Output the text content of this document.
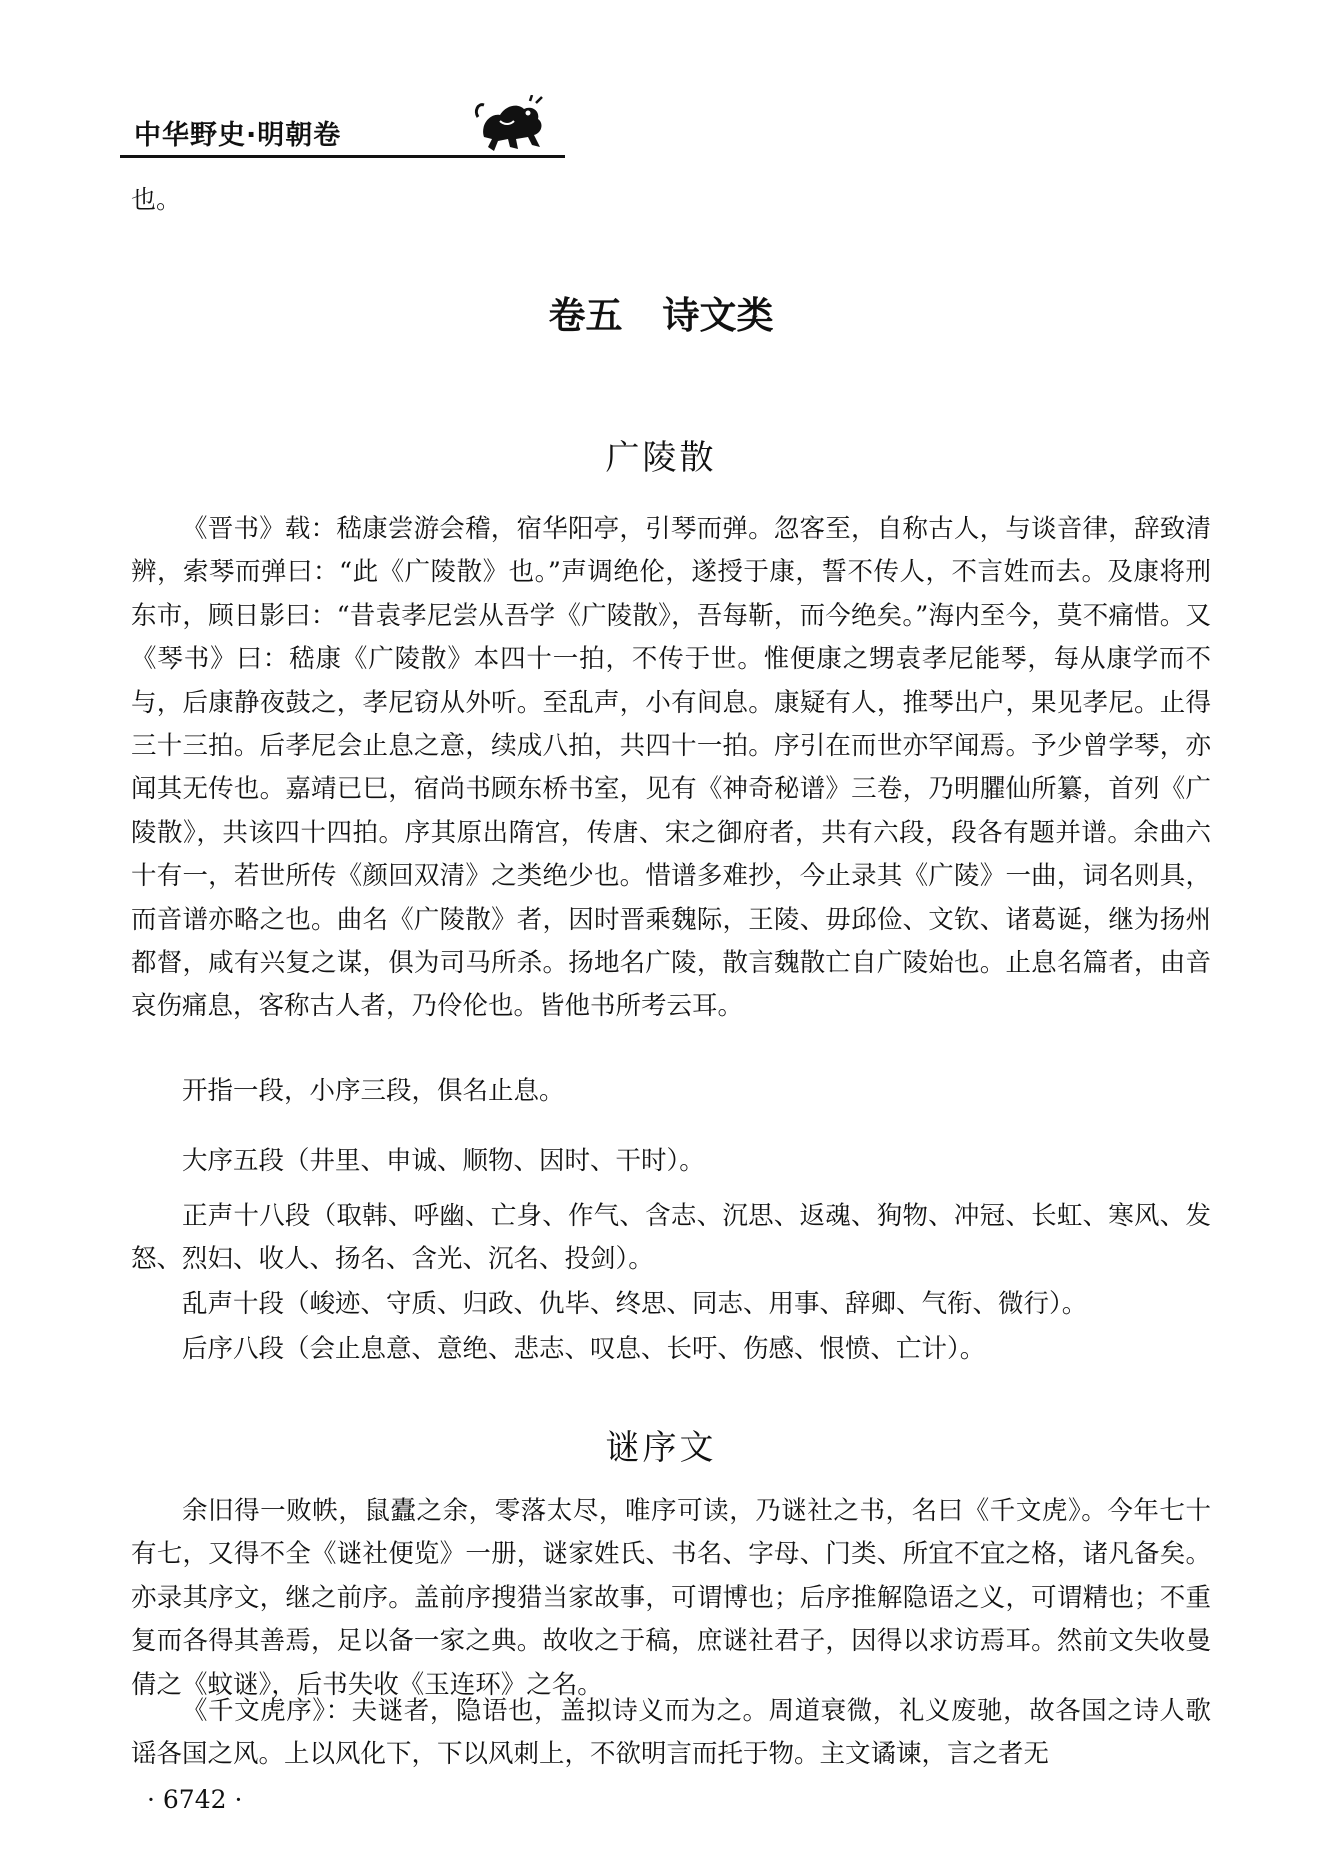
中华野史·明朝卷
也。
卷五 诗文类
广陵散

《晋书》载：嵇康尝游会稽，宿华阳亭，引琴而弹。忽客至，自称古人，与谈音律，辞致清辨，索琴而弹曰：“此《广陵散》也。”声调绝伦，遂授于康，誓不传人，不言姓而去。及康将刑东市，顾日影曰：“昔袁孝尼尝从吾学《广陵散》，吾每靳，而今绝矣。”海内至今，莫不痛惜。又《琴书》曰：嵇康《广陵散》本四十一拍，不传于世。惟便康之甥袁孝尼能琴，每从康学而不与，后康静夜鼓之，孝尼窃从外听。至乱声，小有间息。康疑有人，推琴出户，果见孝尼。止得三十三拍。后孝尼会止息之意，续成八拍，共四十一拍。序引在而世亦罕闻焉。予少曾学琴，亦闻其无传也。嘉靖已巳，宿尚书顾东桥书室，见有《神奇秘谱》三卷，乃明臞仙所纂，首列《广陵散》，共该四十四拍。序其原出隋宫，传唐、宋之御府者，共有六段，段各有题并谱。余曲六十有一，若世所传《颜回双清》之类绝少也。惜谱多难抄，今止录其《广陵》一曲，词名则具，而音谱亦略之也。曲名《广陵散》者，因时晋乘魏际，王陵、毋邱俭、文钦、诸葛诞，继为扬州都督，咸有兴复之谋，俱为司马所杀。扬地名广陵，散言魏散亡自广陵始也。止息名篇者，由音哀伤痛息，客称古人者，乃伶伦也。皆他书所考云耳。

开指一段，小序三段，俱名止息。

大序五段（井里、申诚、顺物、因时、干时）。

正声十八段（取韩、呼幽、亡身、作气、含志、沉思、返魂、狥物、冲冠、长虹、寒风、发怒、烈妇、收人、扬名、含光、沉名、投剑）。

乱声十段（峻迹、守质、归政、仇毕、终思、同志、用事、辞卿、气衔、微行）。

后序八段（会止息意、意绝、悲志、叹息、长吁、伤感、恨愤、亡计）。

谜序文

余旧得一败帙，鼠蠹之余，零落太尽，唯序可读，乃谜社之书，名曰《千文虎》。今年七十有七，又得不全《谜社便览》一册，谜家姓氏、书名、字母、门类、所宜不宜之格，诸凡备矣。亦录其序文，继之前序。盖前序搜猎当家故事，可谓博也；后序推解隐语之义，可谓精也；不重复而各得其善焉，足以备一家之典。故收之于稿，庶谜社君子，因得以求访焉耳。然前文失收曼倩之《蚊谜》，后书失收《玉连环》之名。

《千文虎序》：夫谜者，隐语也，盖拟诗义而为之。周道衰微，礼义废驰，故各国之诗人歌谣各国之风。上以风化下，下以风刺上，不欲明言而托于物。主文谲谏，言之者无

· 6742 ·
